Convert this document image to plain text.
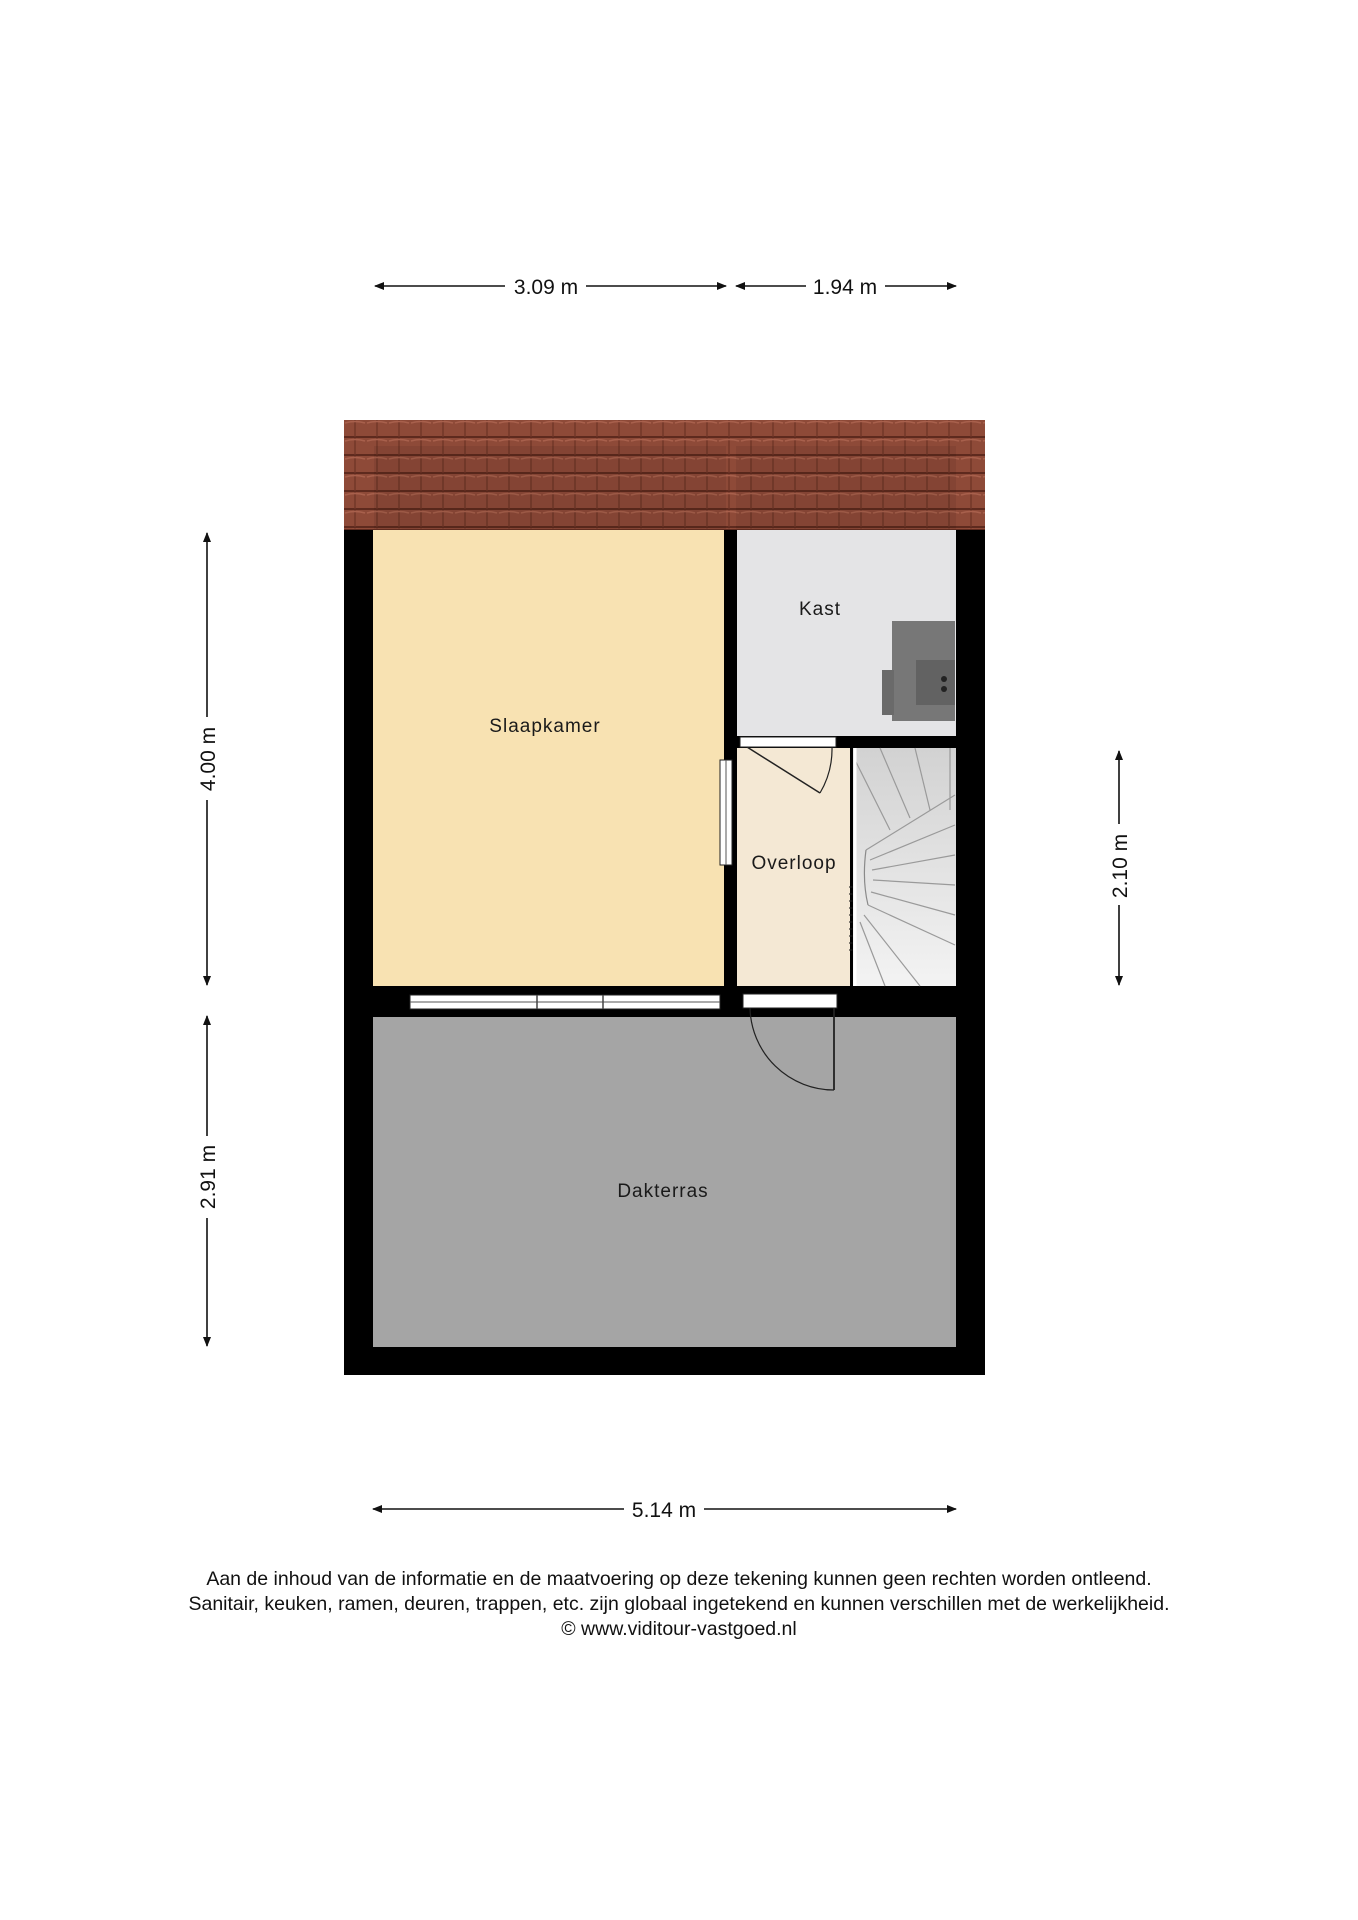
3.09 m	1.94 m
5.14 m
4.00 m
2.91 m
2.10 m
Slaapkamer
Kast
Overloop
Dakterras
Aan de inhoud van de informatie en de maatvoering op deze tekening kunnen geen rechten worden ontleend.
Sanitair, keuken, ramen, deuren, trappen, etc. zijn globaal ingetekend en kunnen verschillen met de werkelijkheid.
© www.viditour-vastgoed.nl
